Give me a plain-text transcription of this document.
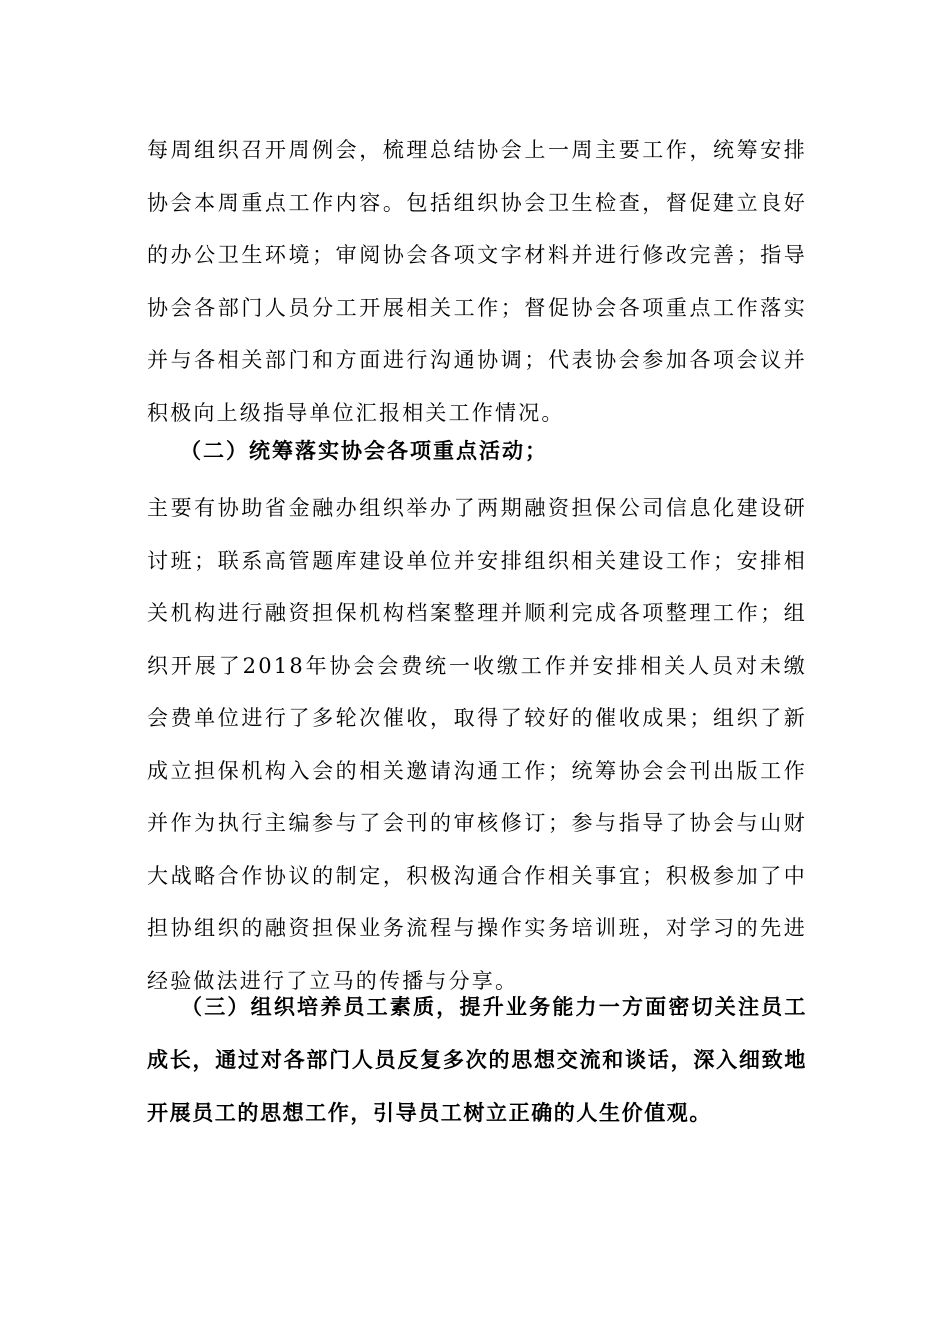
每周组织召开周例会，梳理总结协会上一周主要工作，统筹安排协会本周重点工作内容。包括组织协会卫生检查，督促建立良好的办公卫生环境；审阅协会各项文字材料并进行修改完善；指导协会各部门人员分工开展相关工作；督促协会各项重点工作落实并与各相关部门和方面进行沟通协调；代表协会参加各项会议并积极向上级指导单位汇报相关工作情况。

（二）统筹落实协会各项重点活动；

主要有协助省金融办组织举办了两期融资担保公司信息化建设研讨班；联系高管题库建设单位并安排组织相关建设工作；安排相关机构进行融资担保机构档案整理并顺利完成各项整理工作；组织开展了2018年协会会费统一收缴工作并安排相关人员对未缴会费单位进行了多轮次催收，取得了较好的催收成果；组织了新成立担保机构入会的相关邀请沟通工作；统筹协会会刊出版工作并作为执行主编参与了会刊的审核修订；参与指导了协会与山财大战略合作协议的制定，积极沟通合作相关事宜；积极参加了中担协组织的融资担保业务流程与操作实务培训班，对学习的先进经验做法进行了立马的传播与分享。

（三）组织培养员工素质，提升业务能力一方面密切关注员工成长，通过对各部门人员反复多次的思想交流和谈话，深入细致地开展员工的思想工作，引导员工树立正确的人生价值观。
